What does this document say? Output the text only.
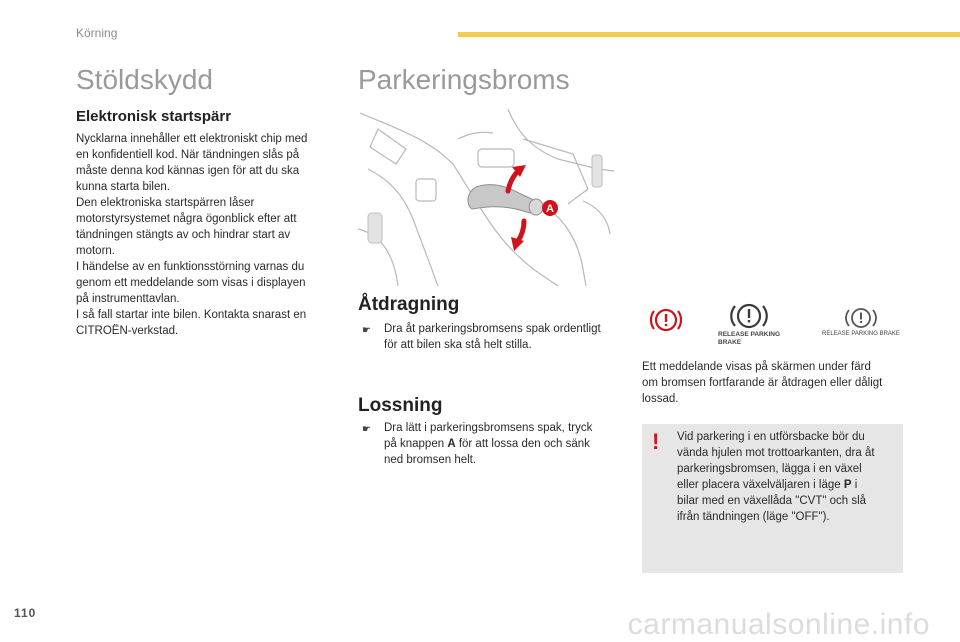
Körning
110	carmanualsonline.info
Stöldskydd
Elektronisk startspärr
Nycklarna innehåller ett elektroniskt chip med
en konfidentiell kod. När tändningen slås på
måste denna kod kännas igen för att du ska
kunna starta bilen.
Den elektroniska startspärren låser
motorstyrsystemet några ögonblick efter att
tändningen stängts av och hindrar start av
motorn.
I händelse av en funktionsstörning varnas du
genom ett meddelande som visas i displayen
på instrumenttavlan.
I så fall startar inte bilen. Kontakta snarast en
CITROËN-verkstad.
Parkeringsbroms
A
Åtdragning
☛ Dra åt parkeringsbromsens spak ordentligt
för att bilen ska stå helt stilla.
Lossning
☛ Dra lätt i parkeringsbromsens spak, tryck
på knappen A för att lossa den och sänk
ned bromsen helt.
RELEASE PARKING
BRAKE
RELEASE PARKING BRAKE
Ett meddelande visas på skärmen under färd
om bromsen fortfarande är åtdragen eller dåligt
lossad.
! Vid parkering i en utförsbacke bör du
vända hjulen mot trottoarkanten, dra åt
parkeringsbromsen, lägga i en växel
eller placera växelväljaren i läge P i
bilar med en växellåda "CVT" och slå
ifrån tändningen (läge "OFF").
